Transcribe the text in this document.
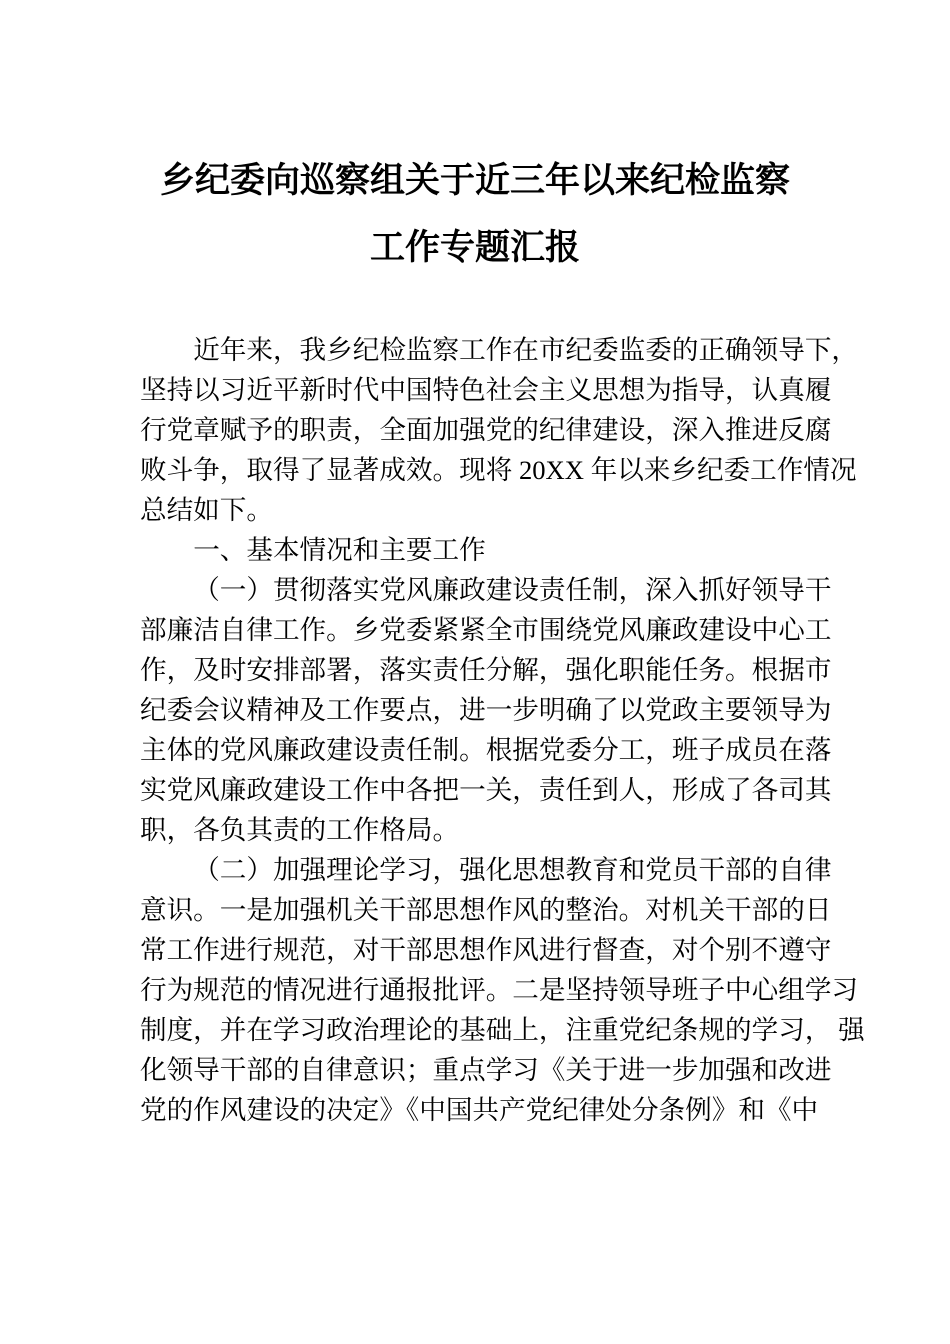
乡纪委向巡察组关于近三年以来纪检监察
工作专题汇报
近年来，我乡纪检监察工作在市纪委监委的正确领导下，
坚持以习近平新时代中国特色社会主义思想为指导，认真履
行党章赋予的职责，全面加强党的纪律建设，深入推进反腐
败斗争，取得了显著成效。现将 20XX 年以来乡纪委工作情况
总结如下。
一、基本情况和主要工作
（一）贯彻落实党风廉政建设责任制，深入抓好领导干
部廉洁自律工作。乡党委紧紧全市围绕党风廉政建设中心工
作，及时安排部署，落实责任分解，强化职能任务。根据市
纪委会议精神及工作要点，进一步明确了以党政主要领导为
主体的党风廉政建设责任制。根据党委分工，班子成员在落
实党风廉政建设工作中各把一关，责任到人，形成了各司其
职，各负其责的工作格局。
（二）加强理论学习，强化思想教育和党员干部的自律
意识。一是加强机关干部思想作风的整治。对机关干部的日
常工作进行规范，对干部思想作风进行督查，对个别不遵守
行为规范的情况进行通报批评。二是坚持领导班子中心组学习
制度，并在学习政治理论的基础上，注重党纪条规的学习， 强
化领导干部的自律意识；重点学习《关于进一步加强和改进
党的作风建设的决定》《中国共产党纪律处分条例》和《中
